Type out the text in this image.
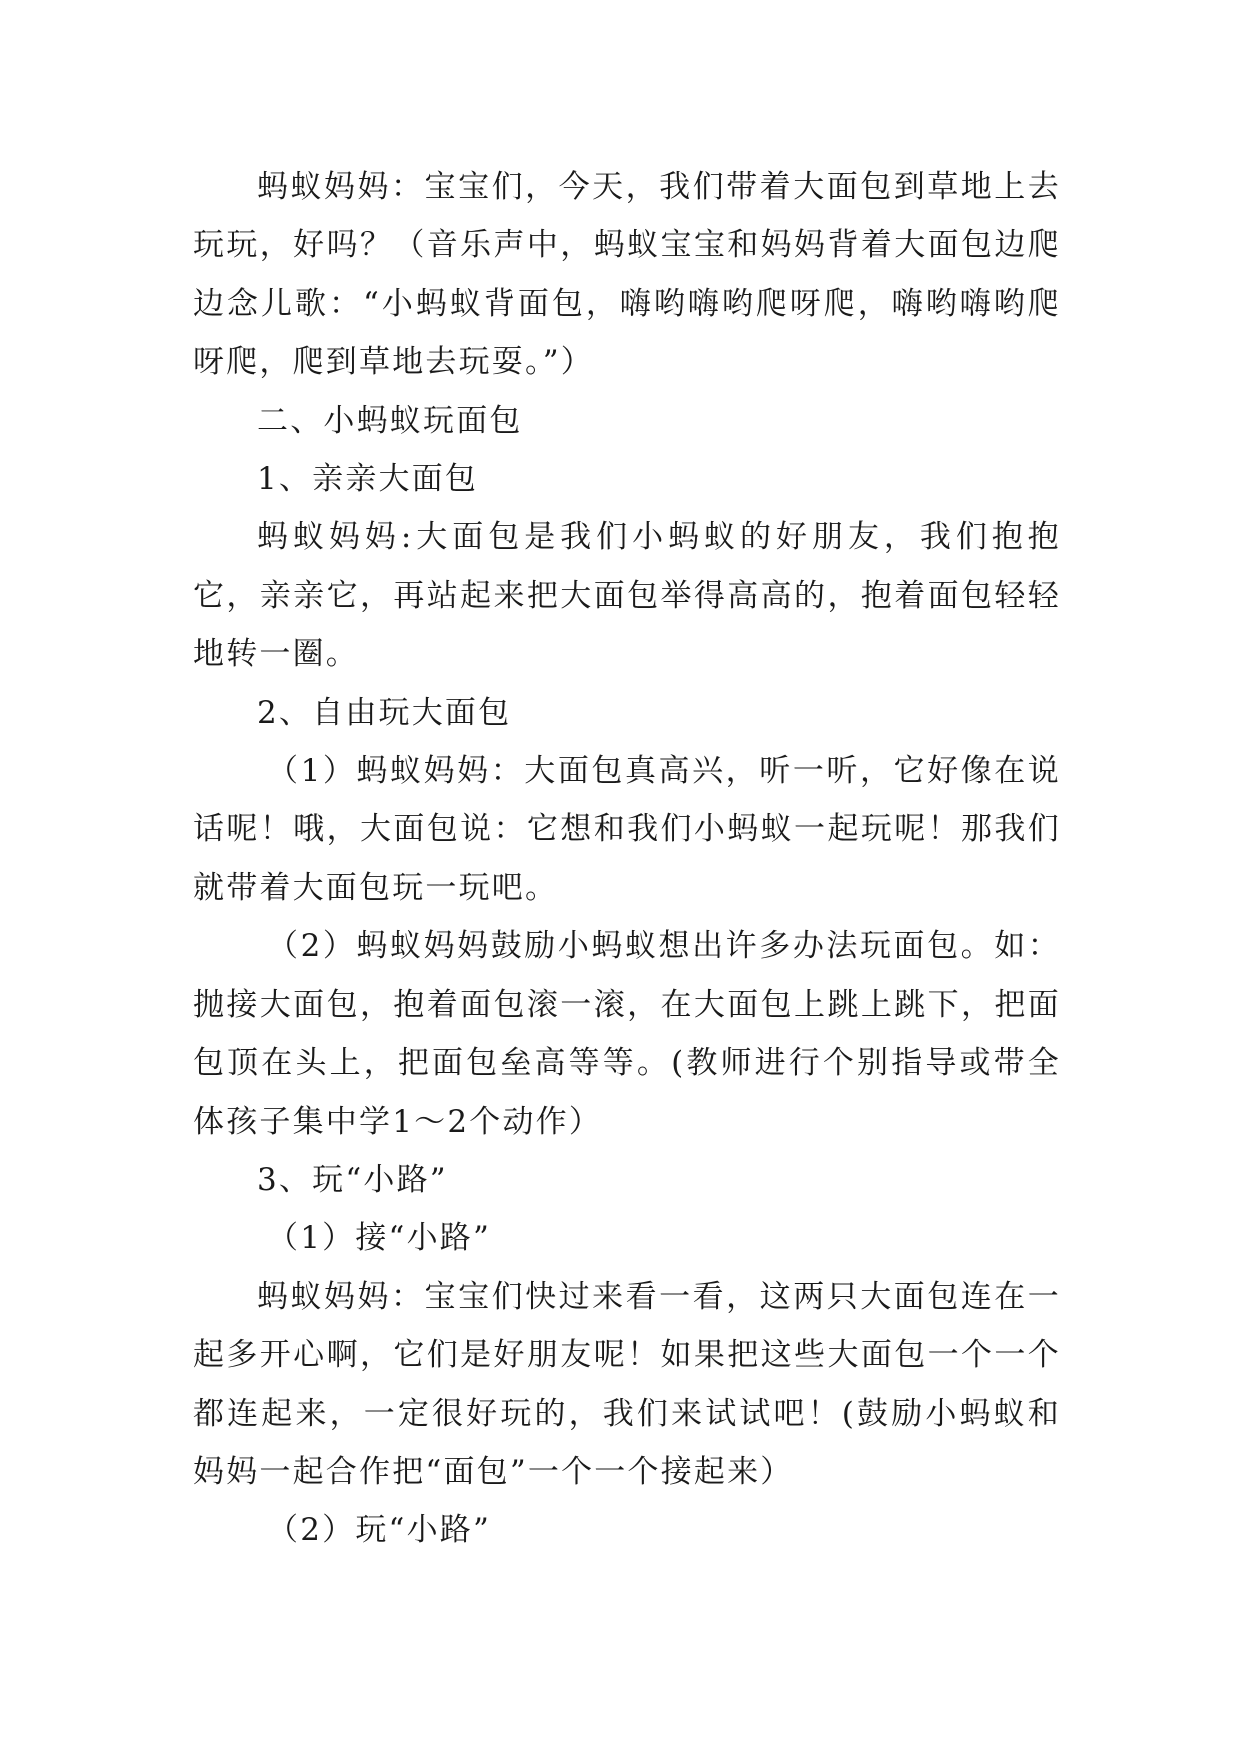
蚂蚁妈妈：宝宝们，今天，我们带着大面包到草地上去玩玩，好吗？（音乐声中，蚂蚁宝宝和妈妈背着大面包边爬边念儿歌：“小蚂蚁背面包，嗨哟嗨哟爬呀爬，嗨哟嗨哟爬呀爬，爬到草地去玩耍。”）

二、小蚂蚁玩面包

1、亲亲大面包

蚂蚁妈妈:大面包是我们小蚂蚁的好朋友，我们抱抱它，亲亲它，再站起来把大面包举得高高的，抱着面包轻轻地转一圈。

2、自由玩大面包

（1）蚂蚁妈妈：大面包真高兴，听一听，它好像在说话呢！哦，大面包说：它想和我们小蚂蚁一起玩呢！那我们就带着大面包玩一玩吧。

（2）蚂蚁妈妈鼓励小蚂蚁想出许多办法玩面包。如：抛接大面包，抱着面包滚一滚，在大面包上跳上跳下，把面包顶在头上，把面包垒高等等。(教师进行个别指导或带全体孩子集中学1～2个动作）

3、玩“小路”

（1）接“小路”

蚂蚁妈妈：宝宝们快过来看一看，这两只大面包连在一起多开心啊，它们是好朋友呢！如果把这些大面包一个一个都连起来，一定很好玩的，我们来试试吧！(鼓励小蚂蚁和妈妈一起合作把“面包”一个一个接起来）

（2）玩“小路”
